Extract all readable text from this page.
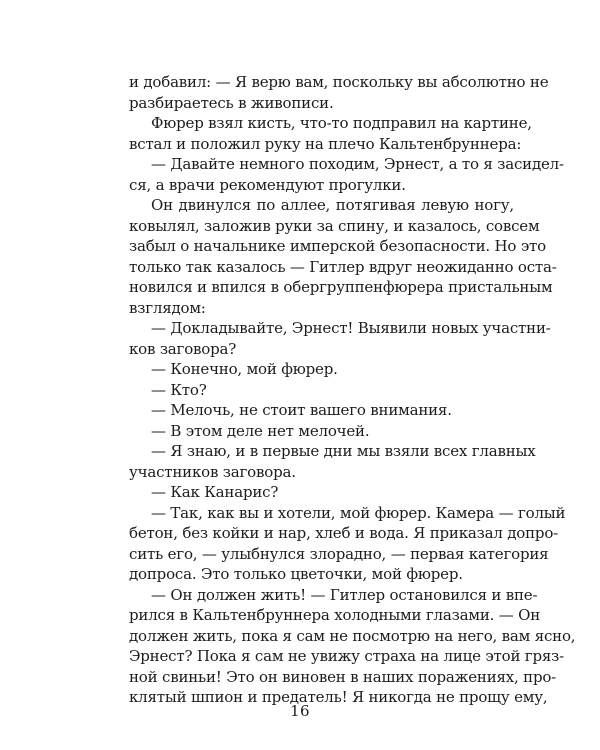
и добавил: — Я верю вам, поскольку вы абсолютно не
разбираетесь в живописи.
Фюрер взял кисть, что-то подправил на картине,
встал и положил руку на плечо Кальтенбруннера:
— Давайте немного походим, Эрнест, а то я засидел-
ся, а врачи рекомендуют прогулки.
Он двинулся по аллее, потягивая левую ногу,
ковылял, заложив руки за спину, и казалось, совсем
забыл о начальнике имперской безопасности. Но это
только так казалось — Гитлер вдруг неожиданно оста-
новился и впился в обергруппенфюрера пристальным
взглядом:
— Докладывайте, Эрнест! Выявили новых участни-
ков заговора?
— Конечно, мой фюрер.
— Кто?
— Мелочь, не стоит вашего внимания.
— В этом деле нет мелочей.
— Я знаю, и в первые дни мы взяли всех главных
участников заговора.
— Как Канарис?
— Так, как вы и хотели, мой фюрер. Камера — голый
бетон, без койки и нар, хлеб и вода. Я приказал допро-
сить его, — улыбнулся злорадно, — первая категория
допроса. Это только цветочки, мой фюрер.
— Он должен жить! — Гитлер остановился и впе-
рился в Кальтенбруннера холодными глазами. — Он
должен жить, пока я сам не посмотрю на него, вам ясно,
Эрнест? Пока я сам не увижу страха на лице этой гряз-
ной свиньи! Это он виновен в наших поражениях, про-
клятый шпион и предатель! Я никогда не прощу ему,
16
